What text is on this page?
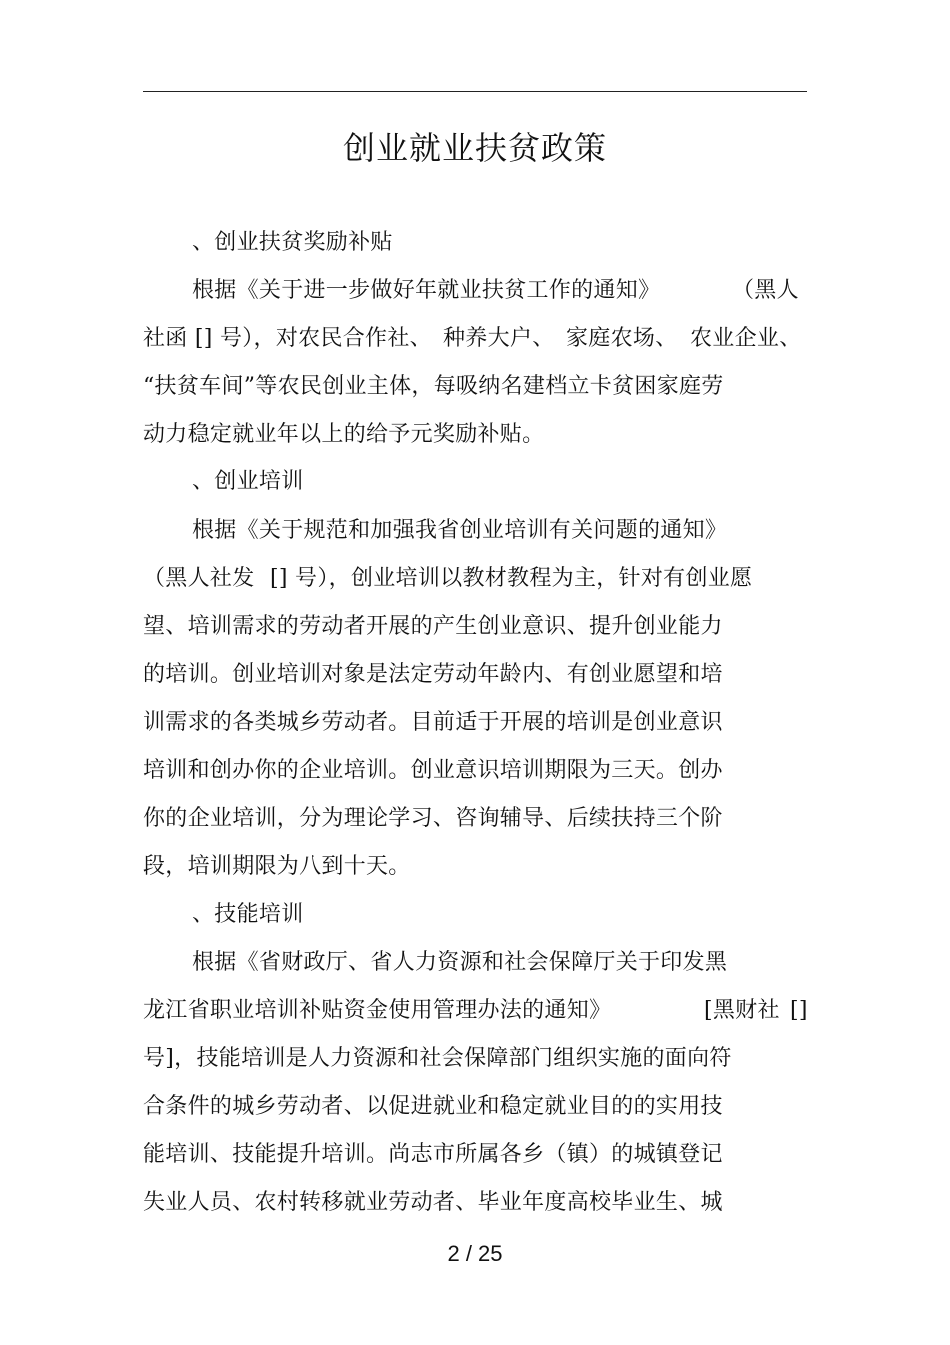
创业就业扶贫政策
、创业扶贫奖励补贴
根据《关于进一步做好年就业扶贫工作的通知》	（黑人
社函 [] 号），对农民合作社、 种养大户、 家庭农场、 农业企业、
“扶贫车间”等农民创业主体，每吸纳名建档立卡贫困家庭劳
动力稳定就业年以上的给予元奖励补贴。
、创业培训
根据《关于规范和加强我省创业培训有关问题的通知》
（黑人社发 [] 号），创业培训以教材教程为主，针对有创业愿
望、培训需求的劳动者开展的产生创业意识、提升创业能力
的培训。创业培训对象是法定劳动年龄内、有创业愿望和培
训需求的各类城乡劳动者。目前适于开展的培训是创业意识
培训和创办你的企业培训。创业意识培训期限为三天。创办
你的企业培训，分为理论学习、咨询辅导、后续扶持三个阶
段，培训期限为八到十天。
、技能培训
根据《省财政厅、省人力资源和社会保障厅关于印发黑
龙江省职业培训补贴资金使用管理办法的通知》	[黑财社 []
号]，技能培训是人力资源和社会保障部门组织实施的面向符
合条件的城乡劳动者、以促进就业和稳定就业目的的实用技
能培训、技能提升培训。尚志市所属各乡（镇）的城镇登记
失业人员、农村转移就业劳动者、毕业年度高校毕业生、城
2 / 25
